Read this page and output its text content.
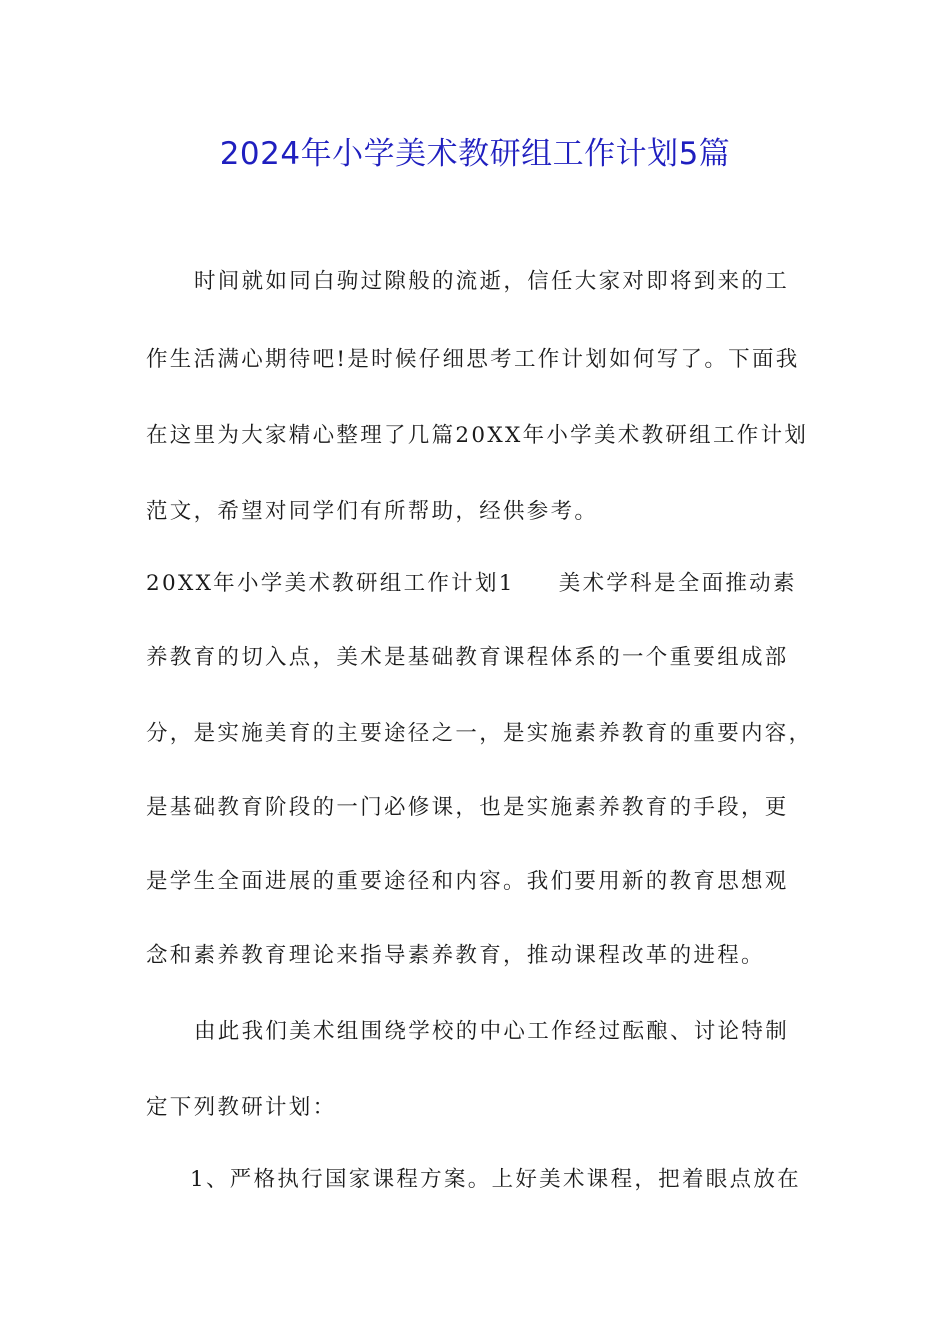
2024年小学美术教研组工作计划5篇

时间就如同白驹过隙般的流逝，信任大家对即将到来的工

作生活满心期待吧!是时候仔细思考工作计划如何写了。下面我

在这里为大家精心整理了几篇20XX年小学美术教研组工作计划

范文，希望对同学们有所帮助，经供参考。

20XX年小学美术教研组工作计划1 美术学科是全面推动素

养教育的切入点，美术是基础教育课程体系的一个重要组成部

分，是实施美育的主要途径之一，是实施素养教育的重要内容，

是基础教育阶段的一门必修课，也是实施素养教育的手段，更

是学生全面进展的重要途径和内容。我们要用新的教育思想观

念和素养教育理论来指导素养教育，推动课程改革的进程。

由此我们美术组围绕学校的中心工作经过酝酿、讨论特制

定下列教研计划：

1、严格执行国家课程方案。上好美术课程，把着眼点放在
